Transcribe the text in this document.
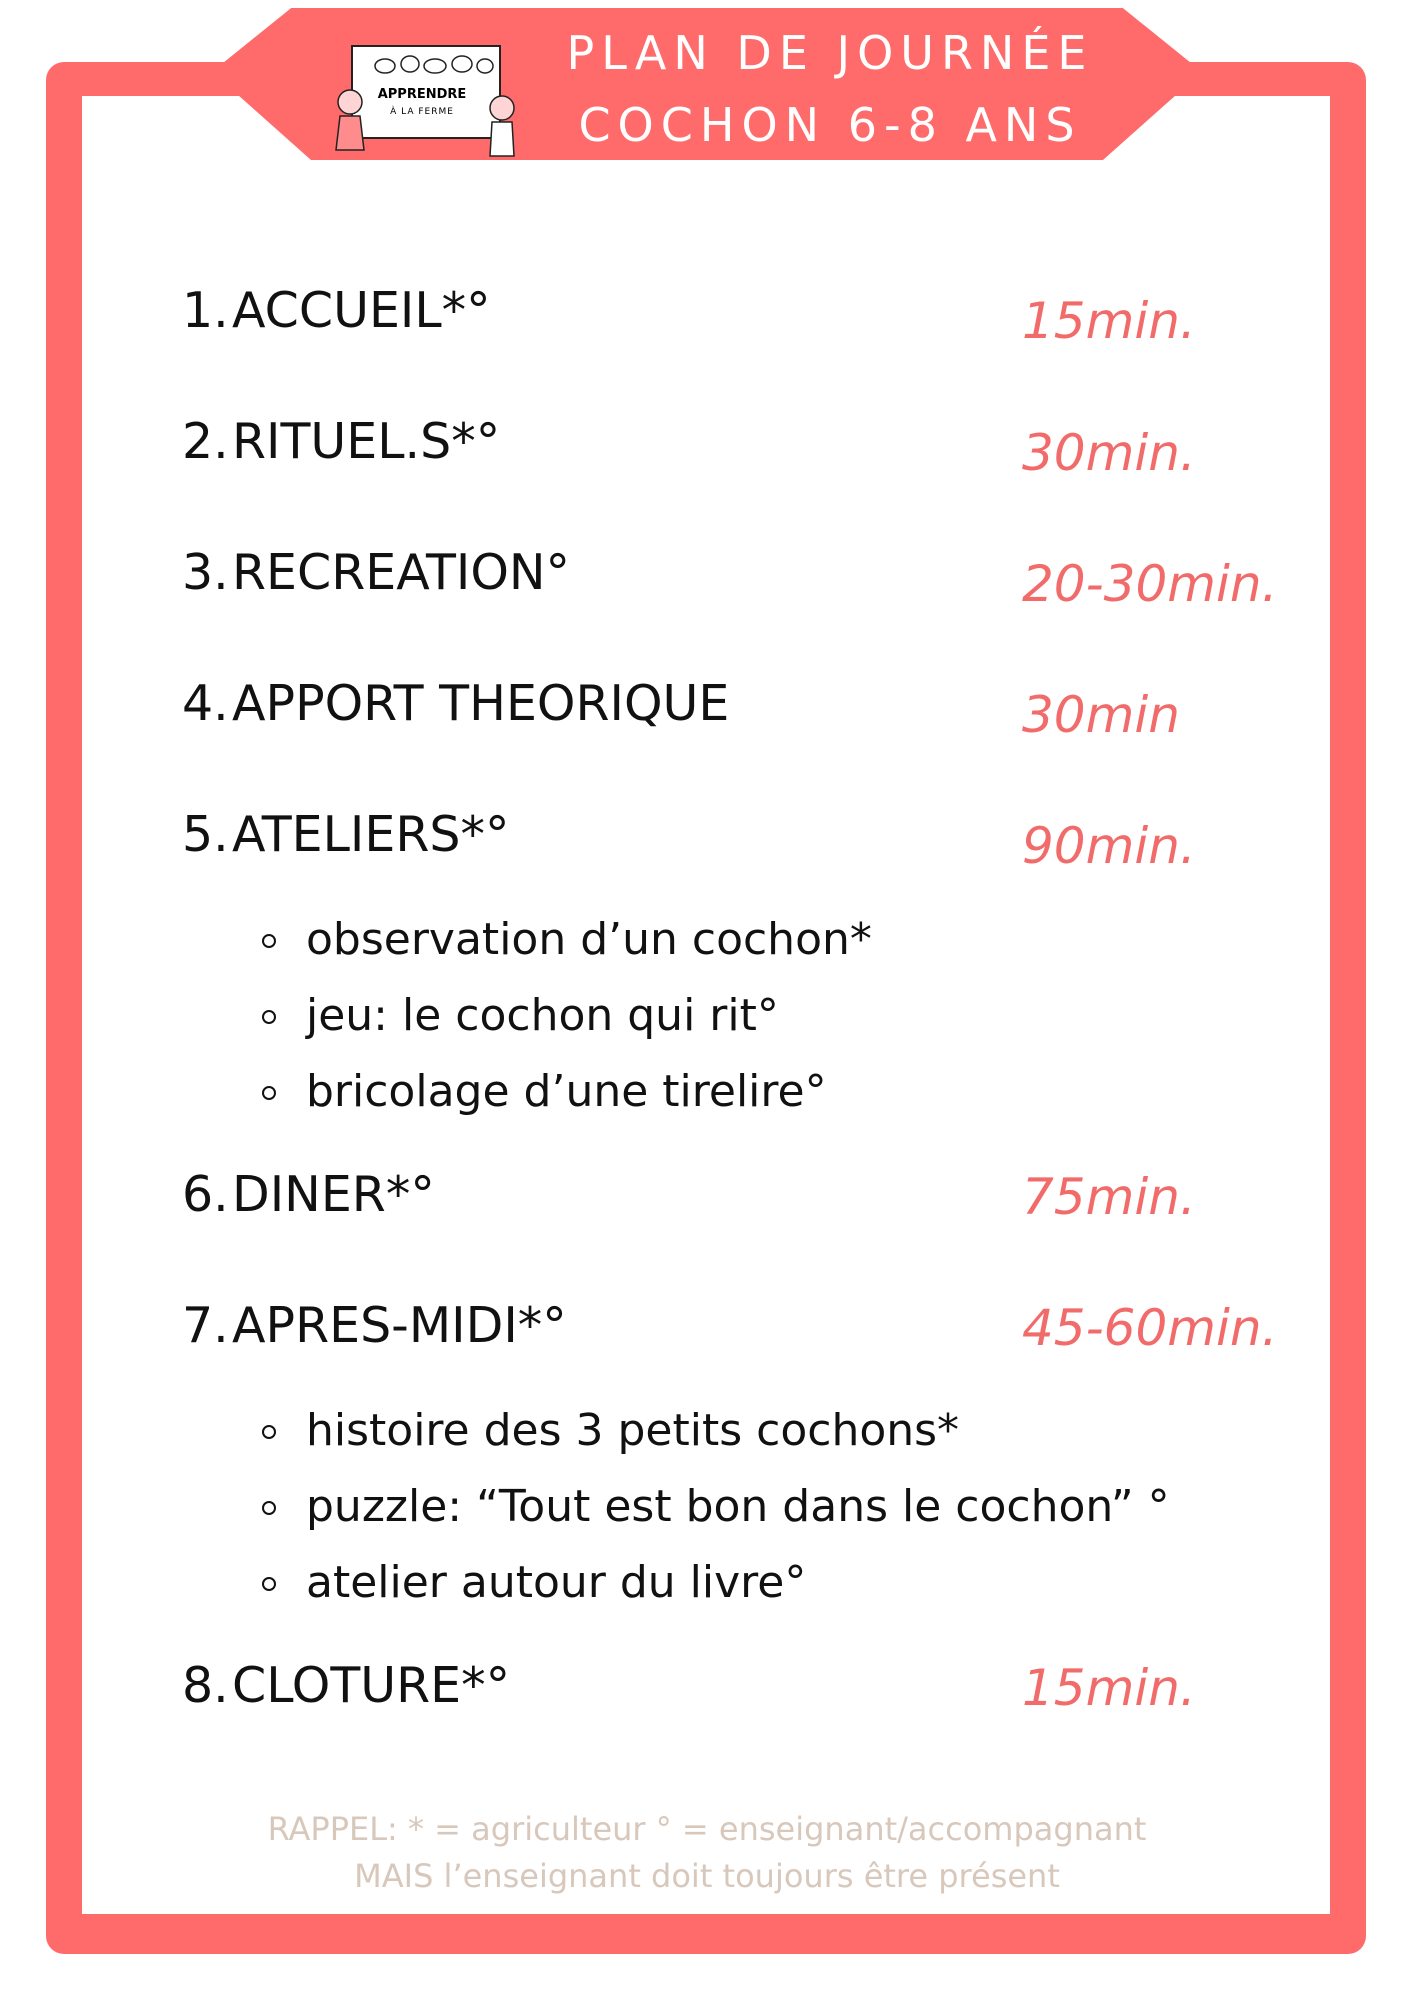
APPRENDRE
À LA FERME
PLAN DE JOURNÉE
COCHON 6-8 ANS
1.ACCUEIL*°	15min.
2.RITUEL.S*°	30min.
3.RECREATION°	20-30min.
4.APPORT THEORIQUE	30min
5.ATELIERS*°	90min.
observation d’un cochon*
jeu: le cochon qui rit°
bricolage d’une tirelire°
6.DINER*°	75min.
7.APRES-MIDI*°	45-60min.
histoire des 3 petits cochons*
puzzle: “Tout est bon dans le cochon” °
atelier autour du livre°
8.CLOTURE*°	15min.
RAPPEL: * = agriculteur ° = enseignant/accompagnant
MAIS l’enseignant doit toujours être présent
